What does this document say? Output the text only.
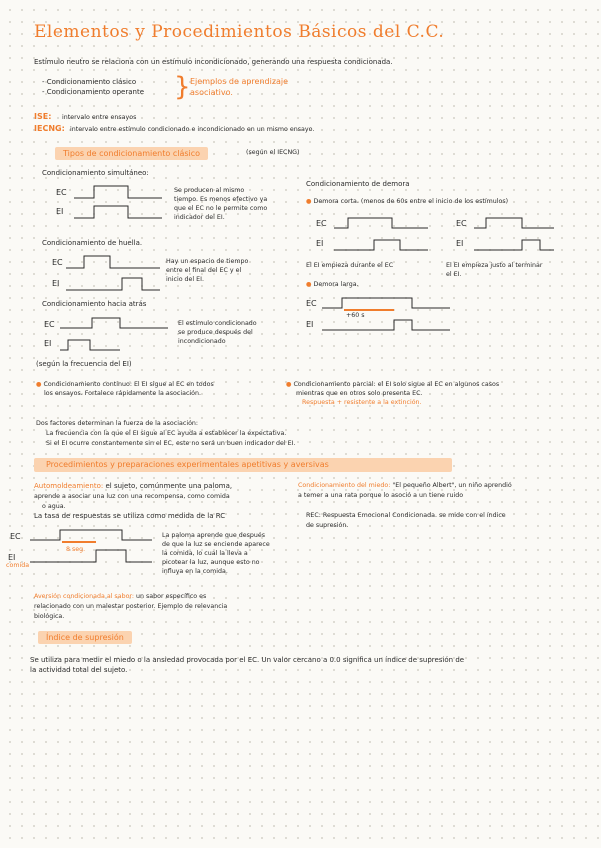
Elementos y Procedimientos Básicos del C.C.
Estímulo neutro se relaciona con un estímulo incondicionado, generando una respuesta condicionada.
- Condicionamiento clásico
- Condicionamiento operante } Ejemplos de aprendizaje
asociativo.
ISE: intervalo entre ensayos
IECNG: intervalo entre estímulo condicionado e incondicionado en un mismo ensayo.
Tipos de condicionamiento clásico	(según el IECNG)
Condicionamiento simultáneo:
EC
EI
Se producen al mismo
tiempo. Es menos efectivo ya
que el EC no le permite como
indicador del EI.
Condicionamiento de huella.
EC
EI
Hay un espacio de tiempo
entre el final del EC y el
inicio del EI.
Condicionamiento hacia atrás
EC
EI
El estímulo condicionado
se produce después del
incondicionado
Condicionamiento de demora
● Demora corta. (menos de 60s entre el inicio de los estímulos)
EC
EI
EC
EI
El EI empieza durante el EC	El EI empieza justo al terminar
el EI.
● Demora larga.
EC
EI
+60 s
(según la frecuencia del EI)
● Condicionamiento continuo: El EI sigue al EC en todos
los ensayos. Fortalece rápidamente la asociación.
● Condicionamiento parcial: el EI solo sigue al EC en algunos casos
mientras que en otros solo presenta EC.
Respuesta + resistente a la extinción.
Dos factores determinan la fuerza de la asociación:
La frecuencia con la que el EI sigue al EC ayuda a establecer la expectativa.
Si el EI ocurre constantemente sin el EC, este no será un buen indicador del EI.
Procedimientos y preparaciones experimentales apetitivas y aversivas
Automoldeamiento: el sujeto, comúnmente una paloma,
aprende a asociar una luz con una recompensa, como comida
o agua.
La tasa de respuestas se utiliza como medida de la RC
EC
EI
comida
8 seg.
La paloma aprende que después
de que la luz se enciende aparece
la comida, lo cual la lleva a
picotear la luz, aunque esto no
influya en la comida.
Condicionamiento del miedo: "El pequeño Albert", un niño aprendió
a temer a una rata porque lo asoció a un tiene ruido
REC: Respuesta Emocional Condicionada. se mide con el índice
de supresión.
Aversión condicionada al sabor: un sabor específico es
relacionado con un malestar posterior. Ejemplo de relevancia
biológica.
Índice de supresión
Se utiliza para medir el miedo o la ansiedad provocada por el EC. Un valor cercano a 0.0 significa un índice de supresión de
la actividad total del sujeto.
